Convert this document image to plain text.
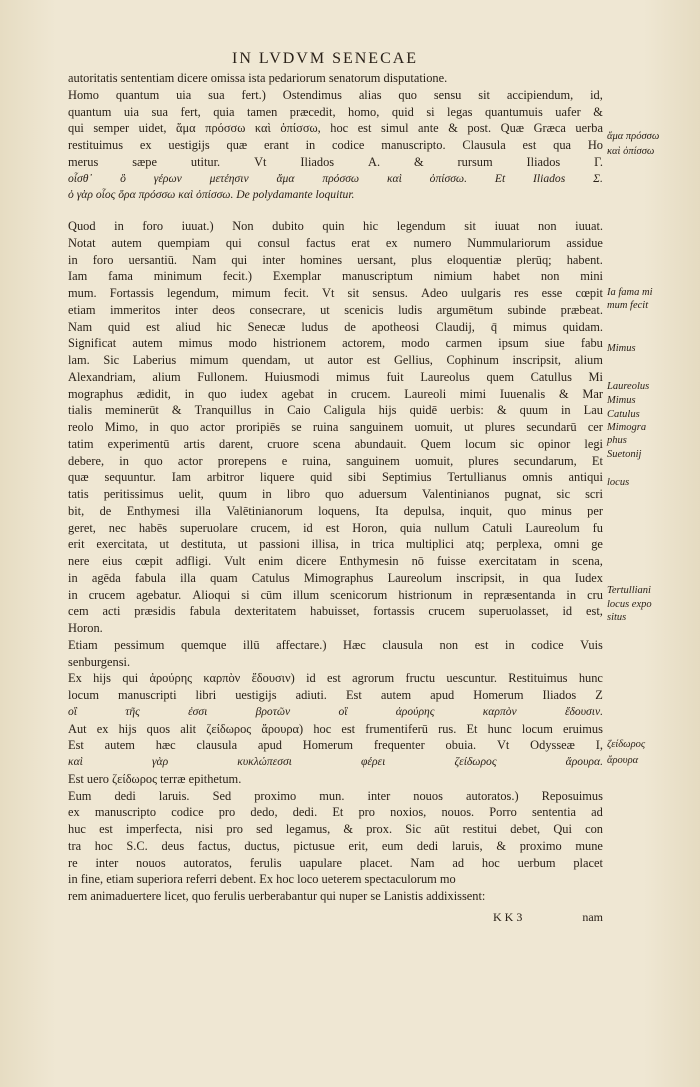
IN LVDVM SENECAE
autoritatis sententiam dicere omissa ista pedariorum senatorum disputatione.
Homo quantum uia sua fert.) Ostendimus alias quo sensu sit accipiendum, id,
quantum uia sua fert, quia tamen præcedit, homo, quid si legas quantumuis uafer &
qui semper uidet, ἅμα πρόσσω καὶ ὀπίσσω, hoc est simul ante & post. Quæ Græca uerba
restituimus ex uestigijs quæ erant in codice manuscripto. Clausula est qua Ho
merus	sæpe	utitur.	Vt	Iliados	A.	&	rursum	Iliados	Γ.
οἶσθ᾽ ὃ γέρων μετέησιν ἅμα πρόσσω καὶ ὀπίσσω. Et Iliados Σ.
ὁ γὰρ οἶος ὅρα πρόσσω καὶ ὀπίσσω. De polydamante loquitur.
Quod in foro iuuat.) Non dubito quin hic legendum sit iuuat non iuuat.
Notat autem quempiam qui consul factus erat ex numero Nummulariorum assidue
in foro uersantiū. Nam qui inter homines uersant, plus eloquentiæ plerūq; habent.
Iam fama minimum fecit.) Exemplar manuscriptum nimium habet non mini
mum. Fortassis legendum, mimum fecit. Vt sit sensus. Adeo uulgaris res esse cœpit
etiam immeritos inter deos consecrare, ut scenicis ludis argumētum subinde præbeat.
Nam quid est aliud hic Senecæ ludus de apotheosi Claudij, q̄ mimus quidam.
Significat autem mimus modo histrionem actorem, modo carmen ipsum siue fabu
lam. Sic Laberius mimum quendam, ut autor est Gellius, Cophinum inscripsit, alium
Alexandriam, alium Fullonem. Huiusmodi mimus fuit Laureolus quem Catullus Mi
mographus ædidit, in quo iudex agebat in crucem. Laureoli mimi Iuuenalis & Mar
tialis meminerūt & Tranquillus in Caio Caligula hijs quidē uerbis: & quum in Lau
reolo Mimo, in quo actor proripiēs se ruina sanguinem uomuit, ut plures secundarū cer
tatim experimentū artis darent, cruore scena abundauit. Quem locum sic opinor legi
debere, in quo actor prorepens e ruina, sanguinem uomuit, plures secundarum, Et
quæ sequuntur. Iam arbitror liquere quid sibi Septimius Tertullianus omnis antiqui
tatis peritissimus uelit, quum in libro quo aduersum Valentinianos pugnat, sic scri
bit, de Enthymesi illa Valētinianorum loquens, Ita depulsa, inquit, quo minus per
geret, nec habēs superuolare crucem, id est Horon, quia nullum Catuli Laureolum fu
erit exercitata, ut destituta, ut passioni illisa, in trica multiplici atq; perplexa, omni ge
nere eius cœpit adfligi. Vult enim dicere Enthymesin nō fuisse exercitatam in scena,
in agēda fabula illa quam Catulus Mimographus Laureolum inscripsit, in qua Iudex
in crucem agebatur. Alioqui si cūm illum scenicorum histrionum in repræsentanda in cru
cem acti præsidis fabula dexteritatem habuisset, fortassis crucem superuolasset, id est,
Horon.
Etiam pessimum quemque illū affectare.) Hæc clausula non est in codice Vuis
senburgensi.
Ex hijs qui ἀρούρης καρπὸν ἔδουσιν) id est agrorum fructu uescuntur. Restituimus hunc
locum manuscripti libri uestigijs adiuti. Est autem apud Homerum Iliados Ζ
οἳ	τῆς	ἐσσι	βροτῶν	οἳ	ἀρούρης	καρπὸν	ἔδουσιν.
Aut ex hijs quos alit ζείδωρος ἄρουρα) hoc est frumentiferū rus. Et hunc locum eruimus
Est autem hæc clausula apud Homerum frequenter obuia. Vt Odysseæ Ι,
καὶ	γὰρ	κυκλώπεσσι	φέρει	ζείδωρος	ἄρουρα.
Est uero ζείδωρος terræ epithetum.
Eum dedi laruis. Sed proximo mun. inter nouos autoratos.) Reposuimus
ex manuscripto codice pro dedo, dedi. Et pro noxios, nouos. Porro sententia ad
huc est imperfecta, nisi pro sed legamus, & prox. Sic aūt restitui debet, Qui con
tra hoc S.C. deus factus, ductus, pictusue erit, eum dedi laruis, & proximo mune
re inter nouos autoratos, ferulis uapulare placet. Nam ad hoc uerbum placet
in fine, etiam superiora referri debent. Ex hoc loco ueterem spectaculorum mo
rem animaduertere licet, quo ferulis uerberabantur qui nuper se Lanistis addixissent:
K K 3	nam
ἅμα πρόσσω
καὶ ὀπίσσω
Ia fama mi
mum fecit
Mimus
Laureolus
Mimus
Catulus
Mimogra
phus
Suetonij
locus
Tertulliani
locus expo
situs
ζείδωρος
ἄρουρα
